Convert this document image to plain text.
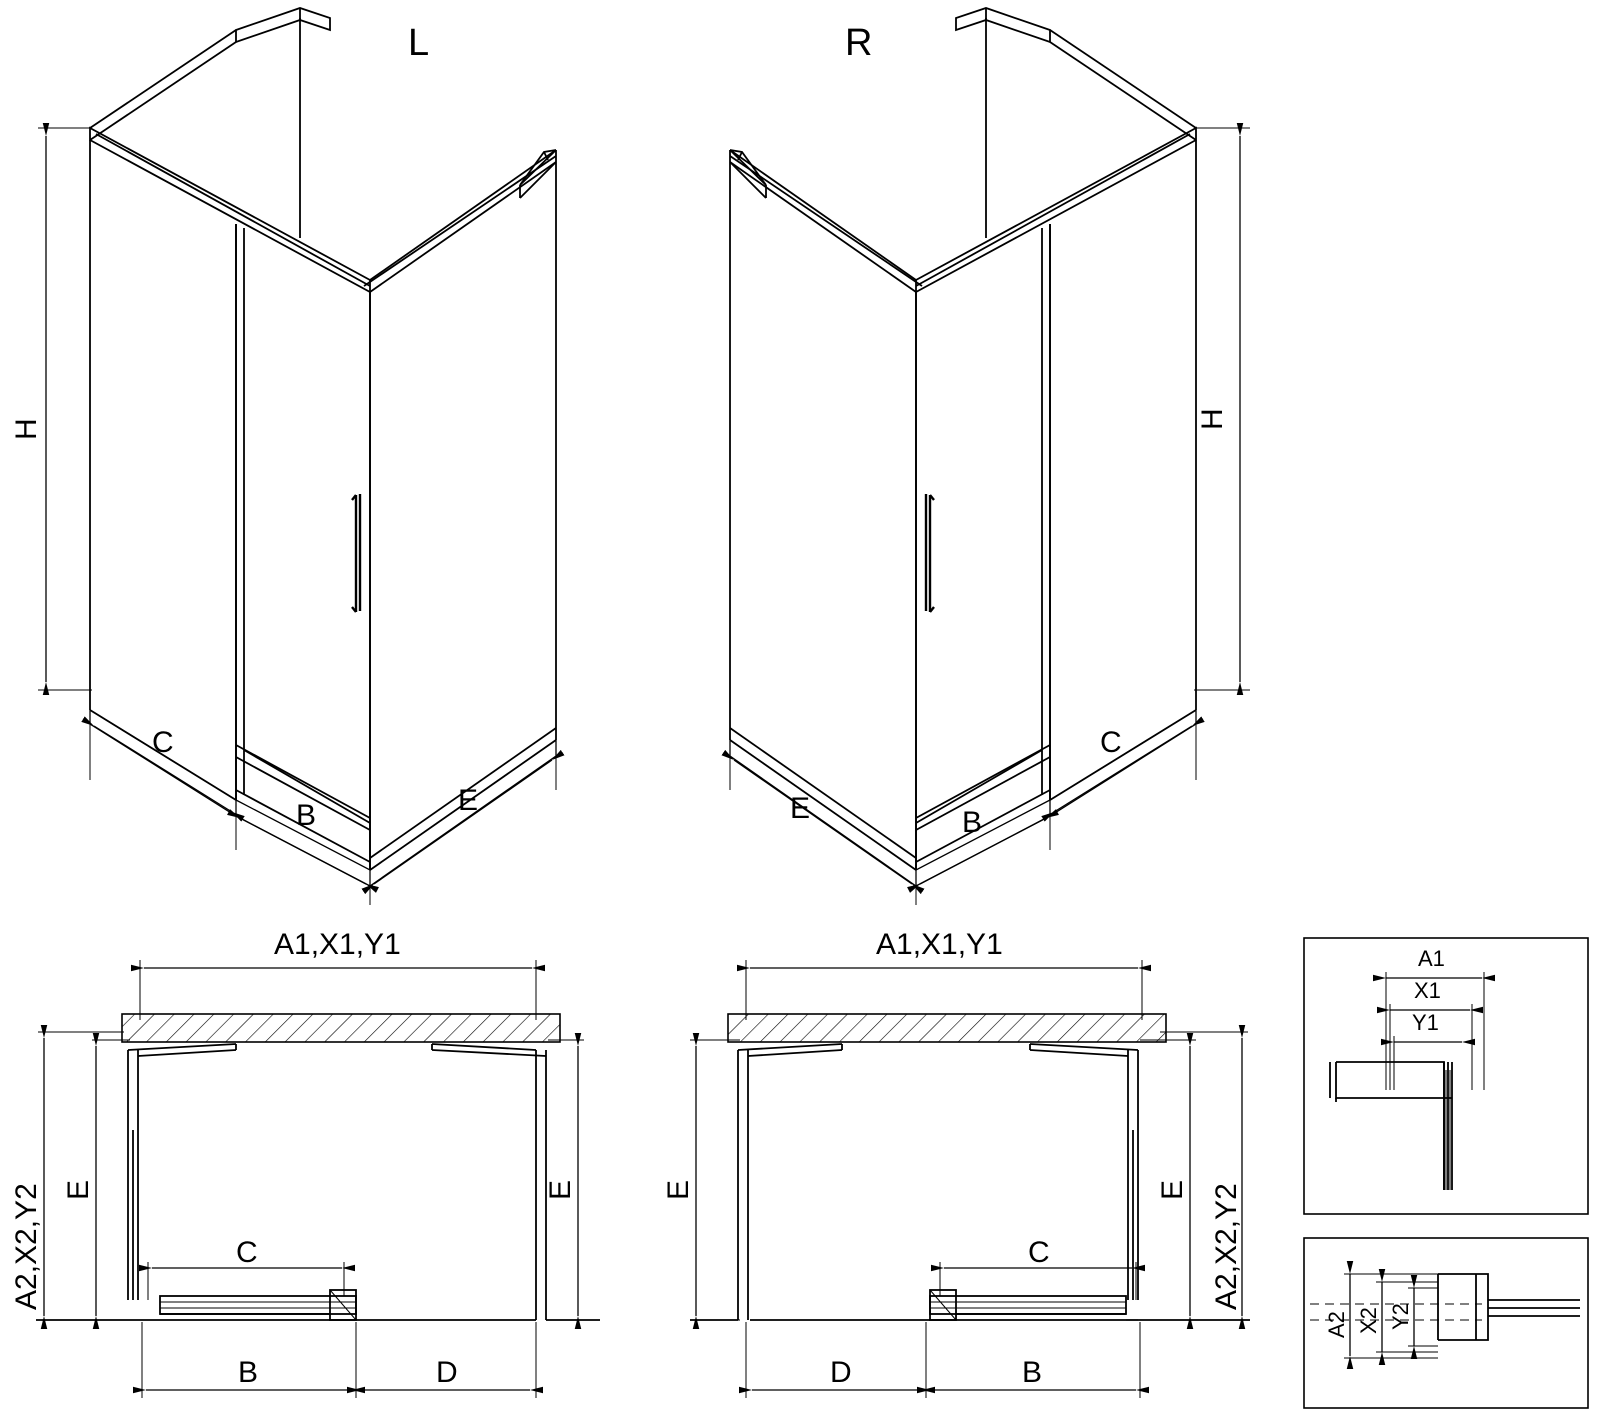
L
H
C
B	E
R
H
C
B
E
A1,X1,Y1
E
A2,X2,Y2	E
C
B	D
A1,X1,Y1
E A2,X2,Y2
E
C
D	B
A1
X1
Y1
A2 X2 Y2
